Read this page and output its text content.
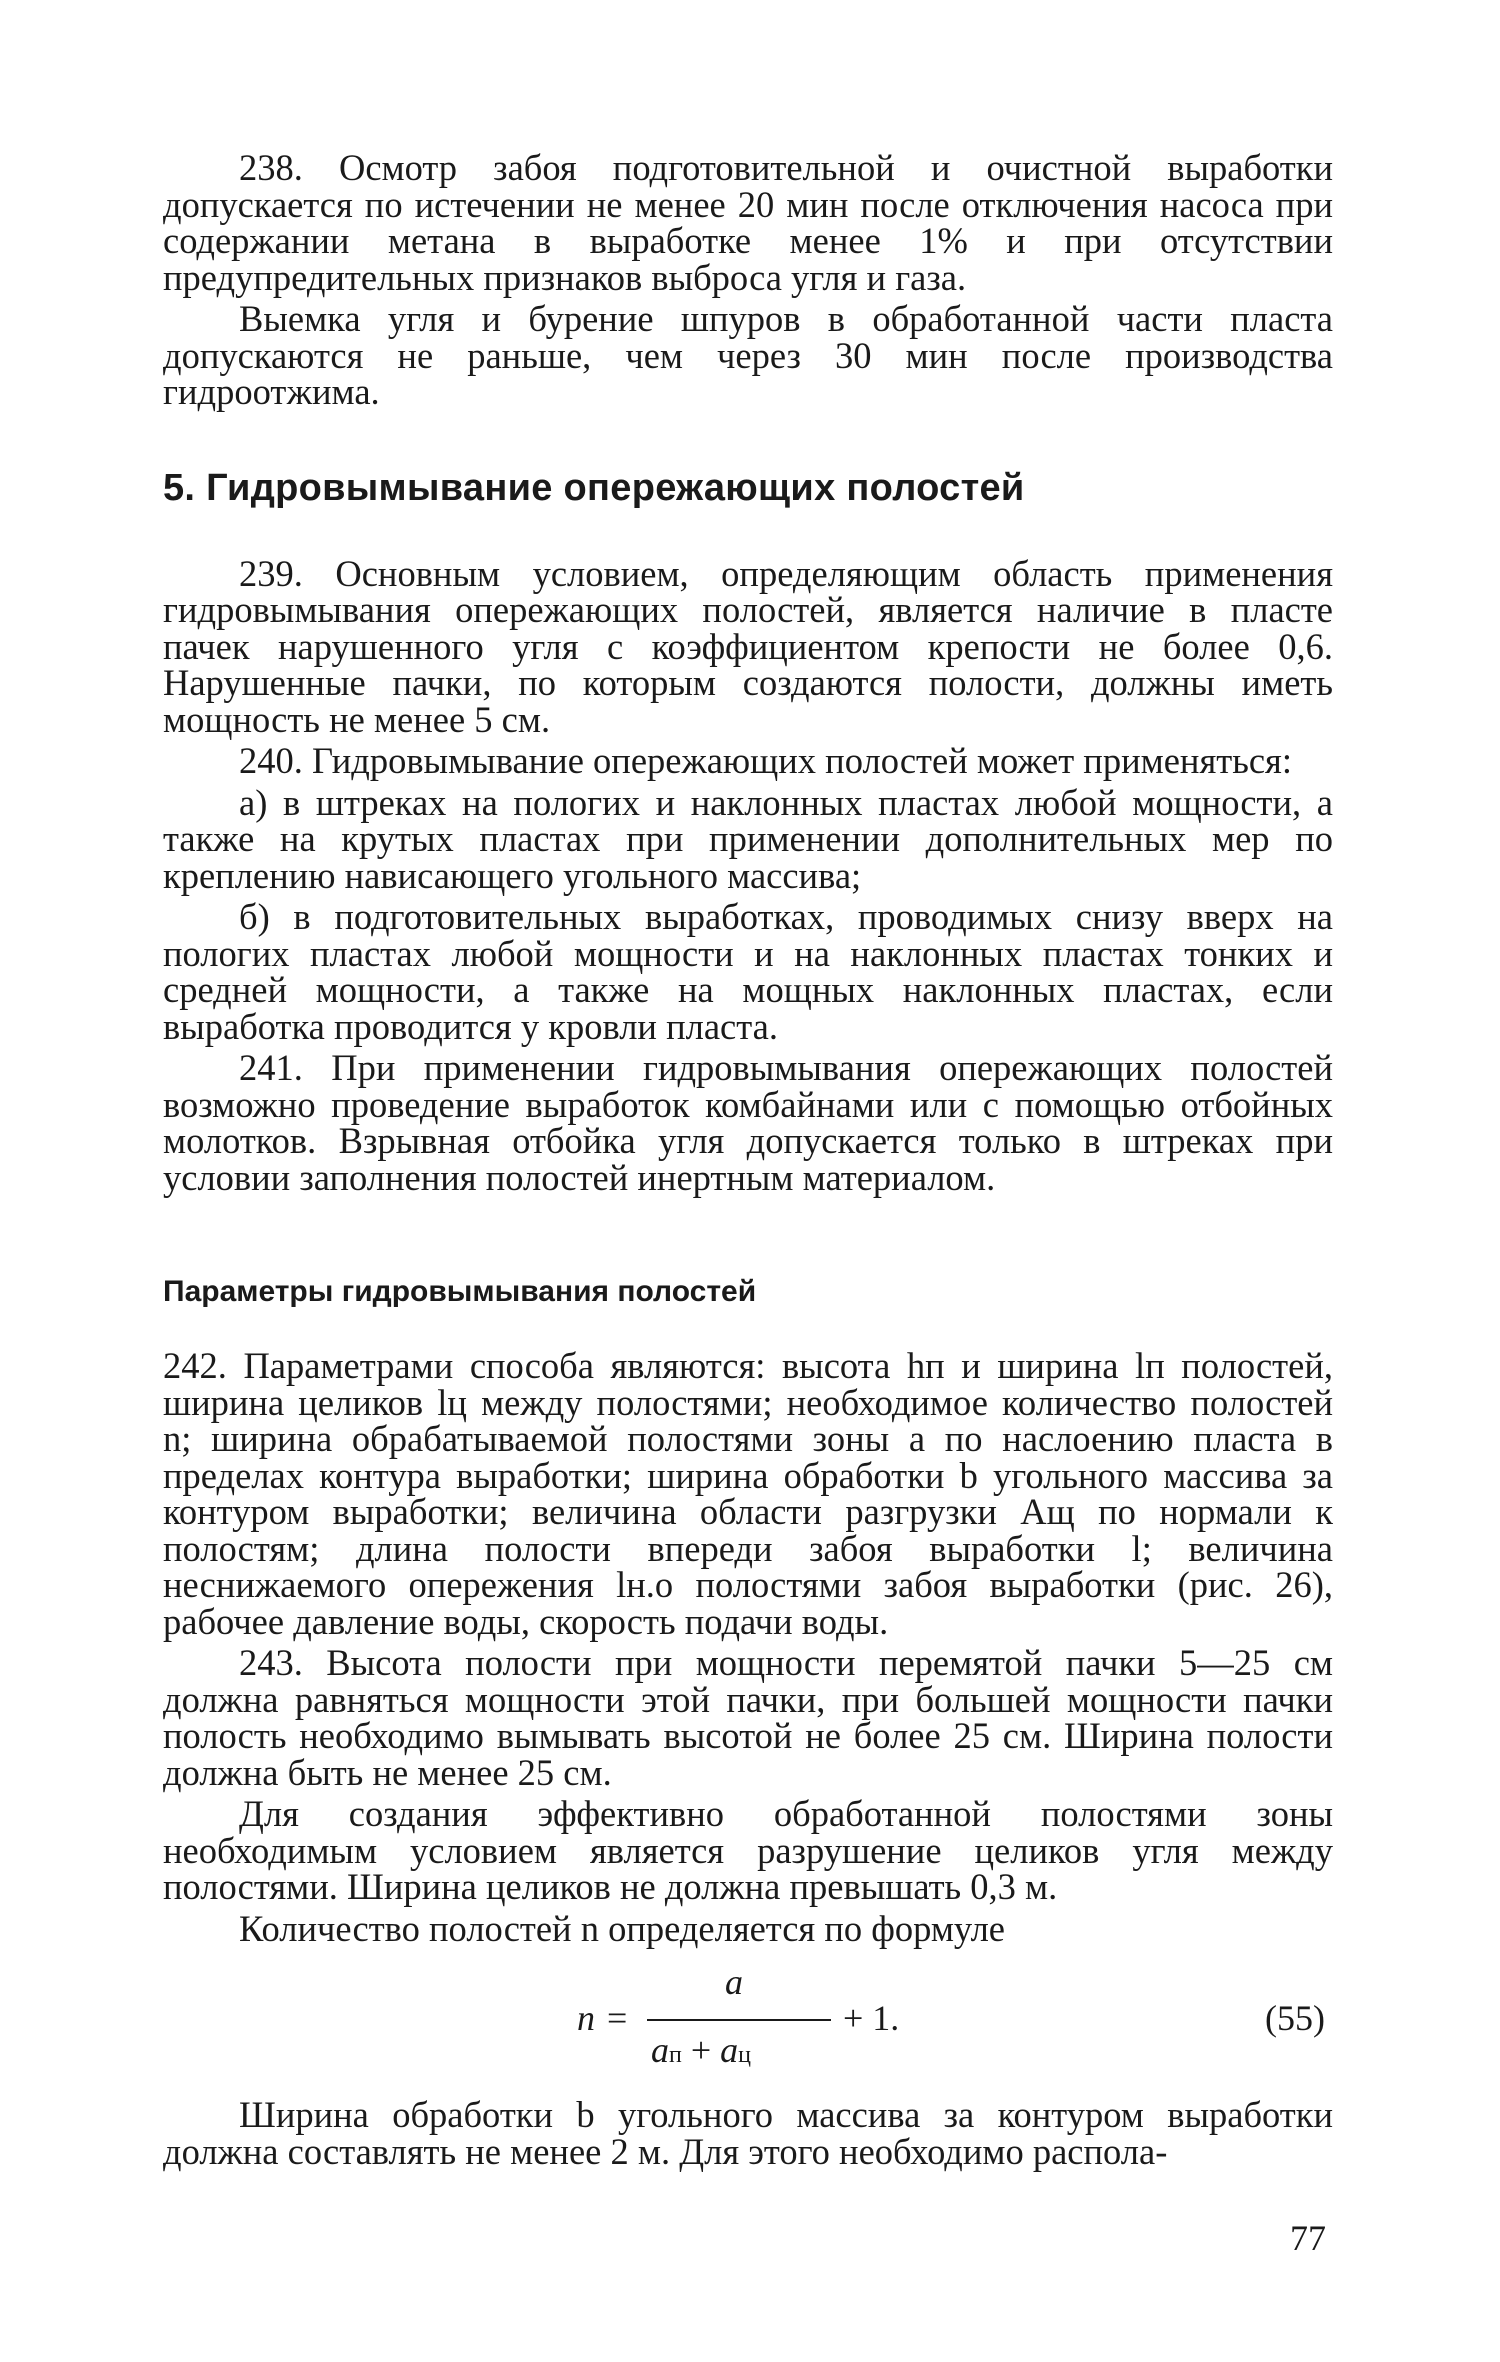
238. Осмотр забоя подготовительной и очистной выработки допускается по истечении не менее 20 мин после отключения насоса при содержании метана в выработке менее 1% и при отсутствии предупредительных признаков выброса угля и газа.

Выемка угля и бурение шпуров в обработанной части пласта допускаются не раньше, чем через 30 мин после производства гидроотжима.

5. Гидровымывание опережающих полостей

239. Основным условием, определяющим область применения гидровымывания опережающих полостей, является наличие в пласте пачек нарушенного угля с коэффициентом крепости не более 0,6. Нарушенные пачки, по которым создаются полости, должны иметь мощность не менее 5 см.

240. Гидровымывание опережающих полостей может применяться:

а) в штреках на пологих и наклонных пластах любой мощности, а также на крутых пластах при применении дополнительных мер по креплению нависающего угольного массива;

б) в подготовительных выработках, проводимых снизу вверх на пологих пластах любой мощности и на наклонных пластах тонких и средней мощности, а также на мощных наклонных пластах, если выработка проводится у кровли пласта.

241. При применении гидровымывания опережающих полостей возможно проведение выработок комбайнами или с помощью отбойных молотков. Взрывная отбойка угля допускается только в штреках при условии заполнения полостей инертным материалом.

Параметры гидровымывания полостей

242. Параметрами способа являются: высота hп и ширина lп полостей, ширина целиков lц между полостями; необходимое количество полостей n; ширина обрабатываемой полостями зоны a по наслоению пласта в пределах контура выработки; ширина обработки b угольного массива за контуром выработки; величина области разгрузки Aщ по нормали к полостям; длина полости впереди забоя выработки l; величина неснижаемого опережения lн.о полостями забоя выработки (рис. 26), рабочее давление воды, скорость подачи воды.

243. Высота полости при мощности перемятой пачки 5—25 см должна равняться мощности этой пачки, при большей мощности пачки полость необходимо вымывать высотой не более 25 см. Ширина полости должна быть не менее 25 см.

Для создания эффективно обработанной полостями зоны необходимым условием является разрушение целиков угля между полостями. Ширина целиков не должна превышать 0,3 м.

Количество полостей n определяется по формуле

n =
a
aп + aц
+ 1.	(55)

Ширина обработки b угольного массива за контуром выработки должна составлять не менее 2 м. Для этого необходимо распола-

77
